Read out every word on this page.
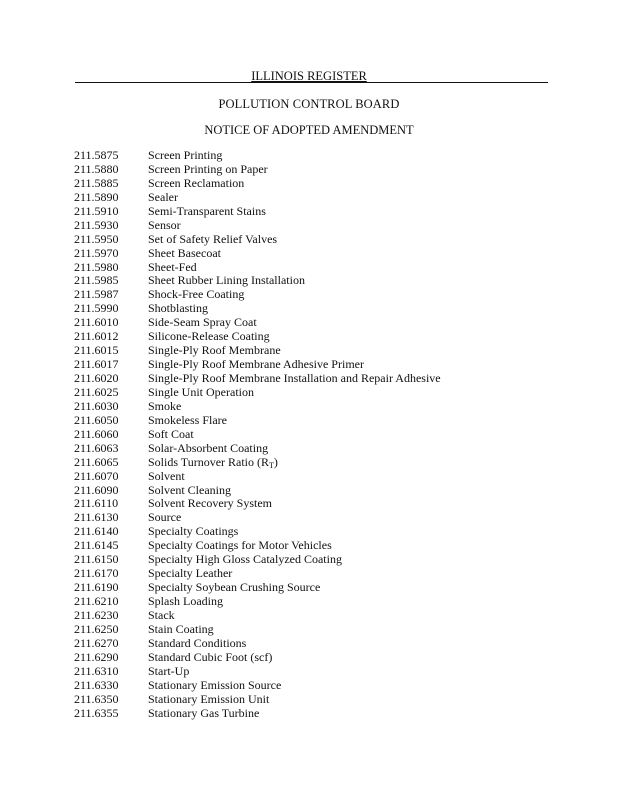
ILLINOIS REGISTER
POLLUTION CONTROL BOARD
NOTICE OF ADOPTED AMENDMENT
211.5875	Screen Printing
211.5880	Screen Printing on Paper
211.5885	Screen Reclamation
211.5890	Sealer
211.5910	Semi-Transparent Stains
211.5930	Sensor
211.5950	Set of Safety Relief Valves
211.5970	Sheet Basecoat
211.5980	Sheet-Fed
211.5985	Sheet Rubber Lining Installation
211.5987	Shock-Free Coating
211.5990	Shotblasting
211.6010	Side-Seam Spray Coat
211.6012	Silicone-Release Coating
211.6015	Single-Ply Roof Membrane
211.6017	Single-Ply Roof Membrane Adhesive Primer
211.6020	Single-Ply Roof Membrane Installation and Repair Adhesive
211.6025	Single Unit Operation
211.6030	Smoke
211.6050	Smokeless Flare
211.6060	Soft Coat
211.6063	Solar-Absorbent Coating
211.6065	Solids Turnover Ratio $(R_T)$
211.6070	Solvent
211.6090	Solvent Cleaning
211.6110	Solvent Recovery System
211.6130	Source
211.6140	Specialty Coatings
211.6145	Specialty Coatings for Motor Vehicles
211.6150	Specialty High Gloss Catalyzed Coating
211.6170	Specialty Leather
211.6190	Specialty Soybean Crushing Source
211.6210	Splash Loading
211.6230	Stack
211.6250	Stain Coating
211.6270	Standard Conditions
211.6290	Standard Cubic Foot (scf)
211.6310	Start-Up
211.6330	Stationary Emission Source
211.6350	Stationary Emission Unit
211.6355	Stationary Gas Turbine
